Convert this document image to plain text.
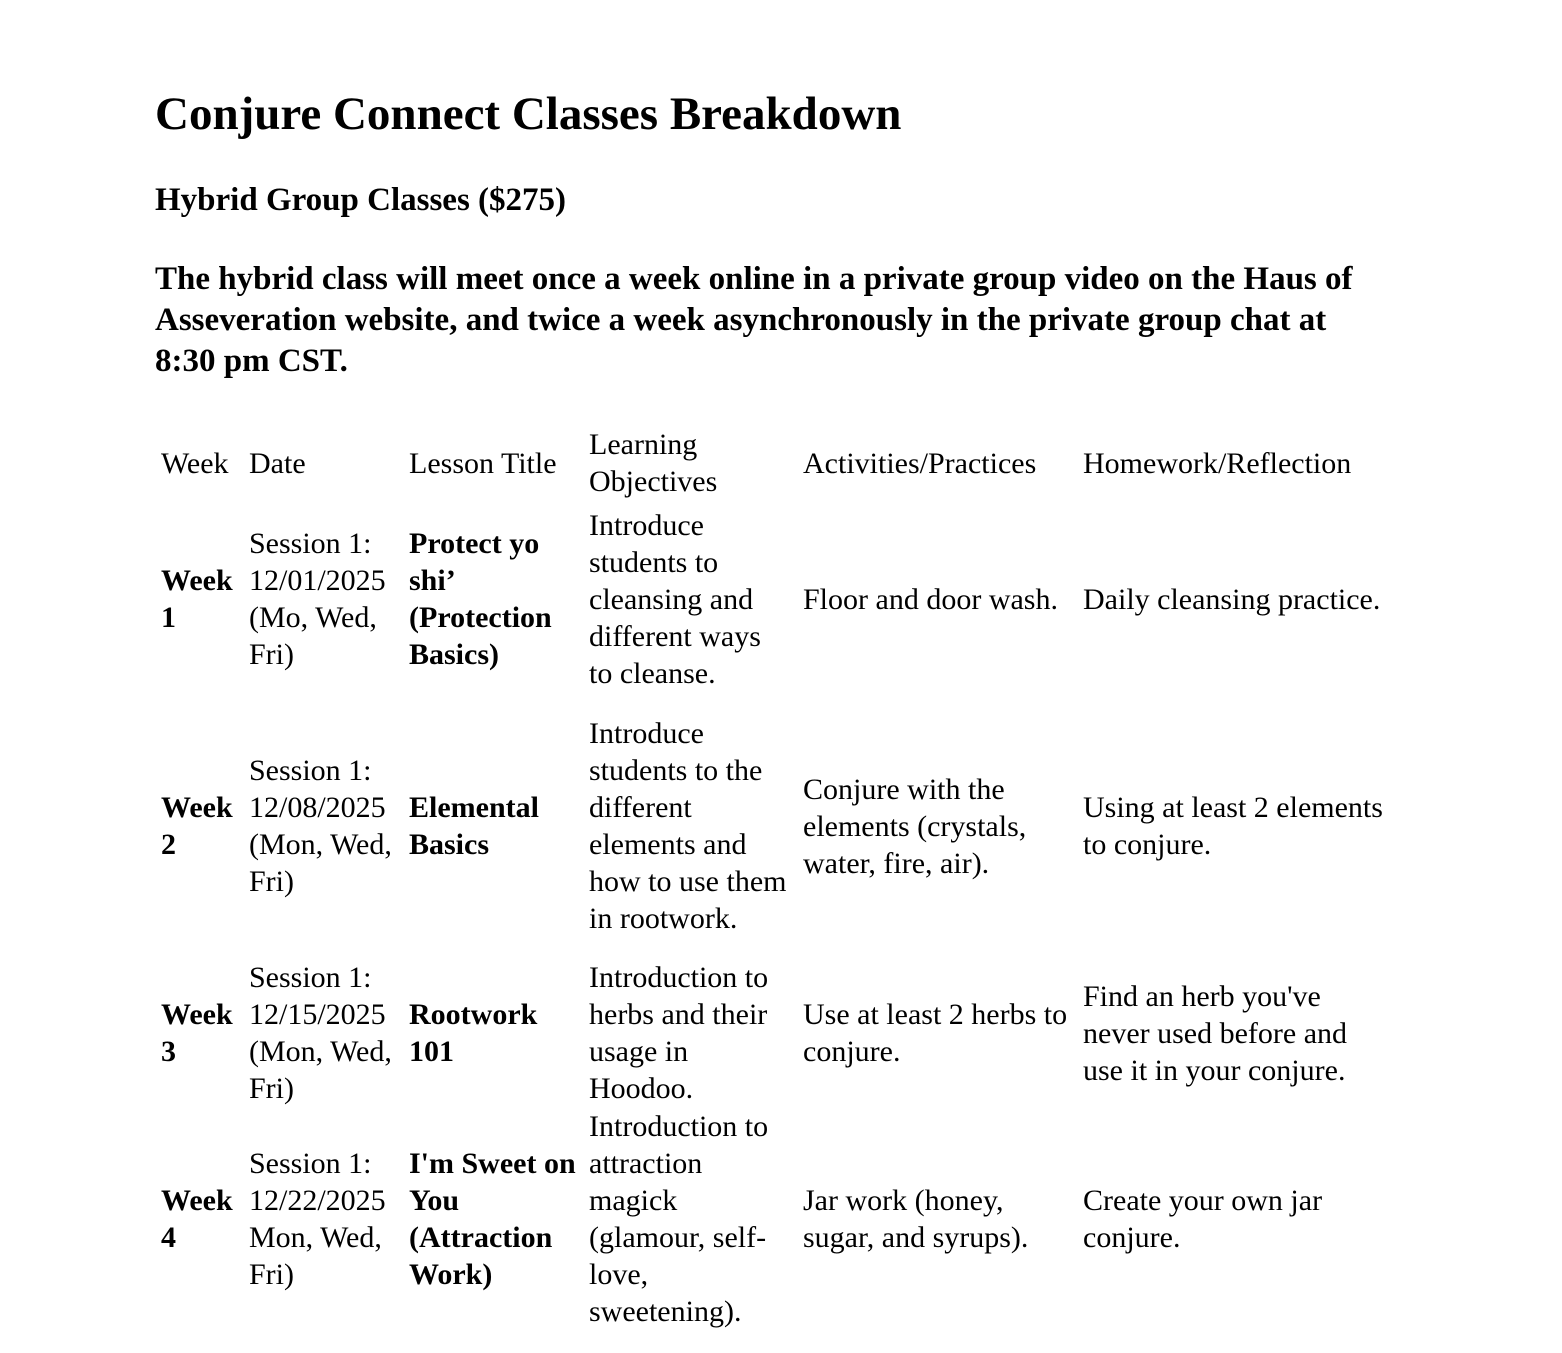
Conjure Connect Classes Breakdown
Hybrid Group Classes ($275)

The hybrid class will meet once a week online in a private group video on the Haus of Asseveration website, and twice a week asynchronously in the private group chat at 8:30 pm CST.

Week	Date	Lesson Title	Learning Objectives	Activities/Practices	Homework/Reflection
Week 1	Session 1: 12/01/2025 (Mo, Wed, Fri)	Protect yo shi’ (Protection Basics)	Introduce students to cleansing and different ways to cleanse.	Floor and door wash.	Daily cleansing practice.
Week 2	Session 1: 12/08/2025 (Mon, Wed, Fri)	Elemental Basics	Introduce students to the different elements and how to use them in rootwork.	Conjure with the elements (crystals, water, fire, air).	Using at least 2 elements to conjure.
Week 3	Session 1: 12/15/2025 (Mon, Wed, Fri)	Rootwork 101	Introduction to herbs and their usage in Hoodoo.	Use at least 2 herbs to conjure.	Find an herb you've never used before and use it in your conjure.
Week 4	Session 1: 12/22/2025 Mon, Wed, Fri)	I'm Sweet on You (Attraction Work)	Introduction to attraction magick (glamour, self-love, sweetening).	Jar work (honey, sugar, and syrups).	Create your own jar conjure.
